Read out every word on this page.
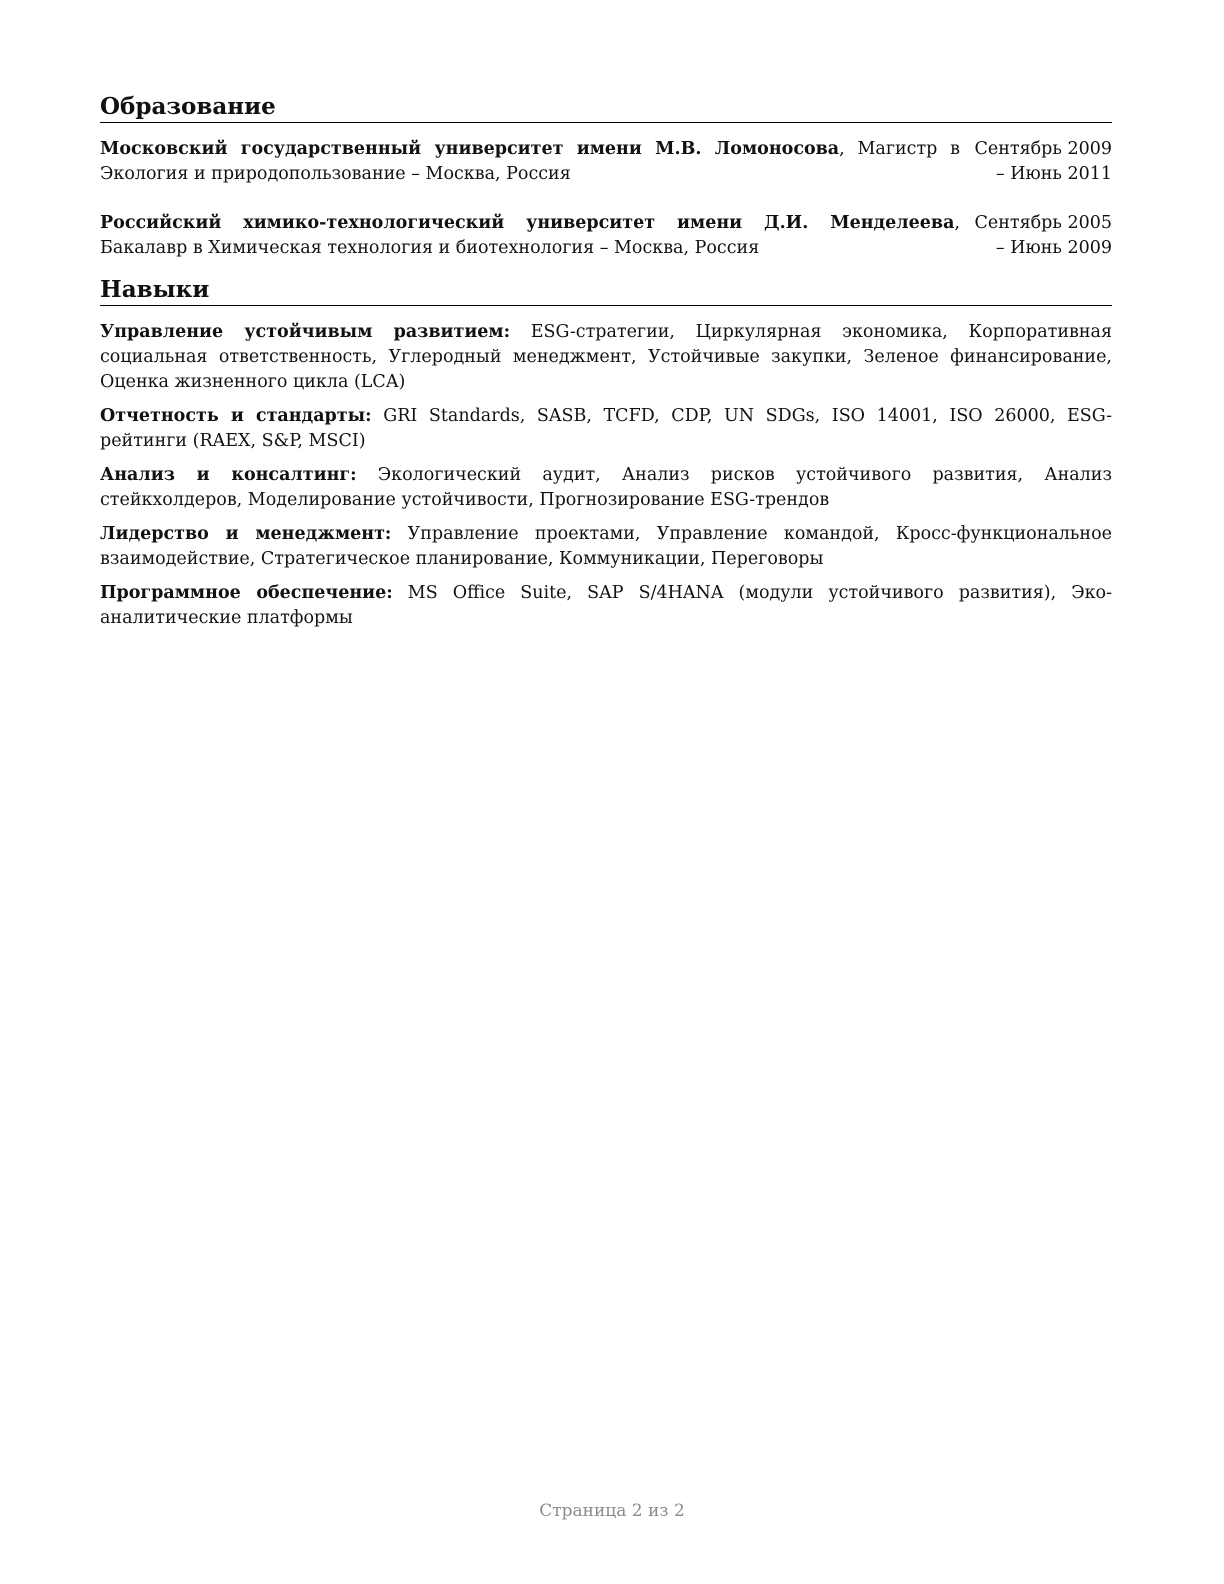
Образование
Московский государственный университет имени М.В. Ломоносова, Магистр в Экология и природопользование – Москва, Россия
Сентябрь 2009 – Июнь 2011
Российский химико-технологический университет имени Д.И. Менделеева, Бакалавр в Химическая технология и биотехнология – Москва, Россия
Сентябрь 2005 – Июнь 2009
Навыки
Управление устойчивым развитием: ESG-стратегии, Циркулярная экономика, Корпоративная социальная ответственность, Углеродный менеджмент, Устойчивые закупки, Зеленое финансирование, Оценка жизненного цикла (LCA)
Отчетность и стандарты: GRI Standards, SASB, TCFD, CDP, UN SDGs, ISO 14001, ISO 26000, ESG-рейтинги (RAEX, S&P, MSCI)
Анализ и консалтинг: Экологический аудит, Анализ рисков устойчивого развития, Анализ стейкхолдеров, Моделирование устойчивости, Прогнозирование ESG-трендов
Лидерство и менеджмент: Управление проектами, Управление командой, Кросс-функциональное взаимодействие, Стратегическое планирование, Коммуникации, Переговоры
Программное обеспечение: MS Office Suite, SAP S/4HANA (модули устойчивого развития), Эко-аналитические платформы
Страница 2 из 2
